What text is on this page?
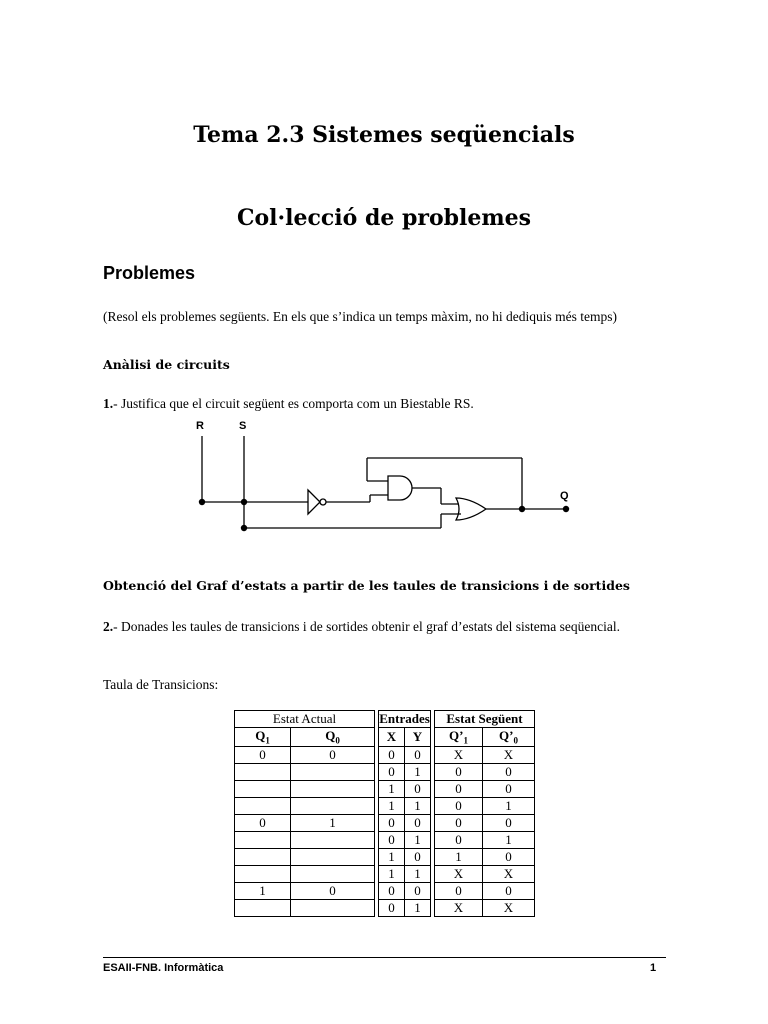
Tema 2.3 Sistemes seqüencials
Col·lecció de problemes
Problemes
(Resol els problemes següents. En els que s’indica un temps màxim, no hi dediquis més temps)
Anàlisi de circuits
1.- Justifica que el circuit següent es comporta com un Biestable RS.
R	S
Q
Obtenció del Graf d’estats a partir de les taules de transicions i de sortides
2.- Donades les taules de transicions i de sortides obtenir el graf d’estats del sistema seqüencial.
Taula de Transicions:
Estat Actual			Entrades			Estat Següent	
$Q_1$	$Q_0$		X	Y		$Q’_1$	$Q’_0$
0	0		0	0		X	X
			0	1		0	0
			1	0		0	0
			1	1		0	1
0	1		0	0		0	0
			0	1		0	1
			1	0		1	0
			1	1		X	X
1	0		0	0		0	0
			0	1		X	X
ESAII-FNB. Informàtica	1
